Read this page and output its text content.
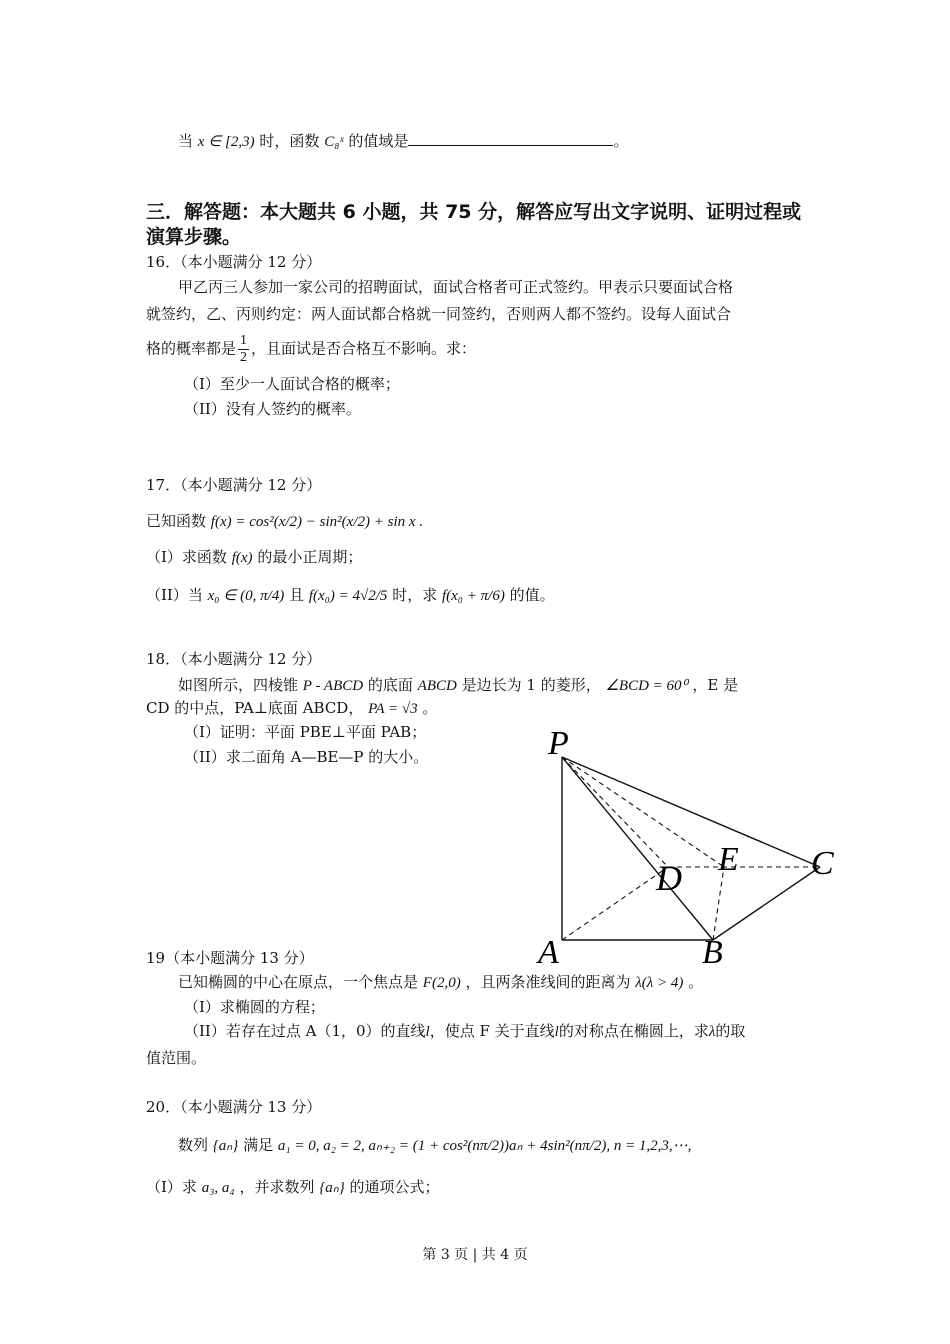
当 x ∈ [2,3) 时，函数 C₈ˣ 的值域是	。
三．解答题：本大题共 6 小题，共 75 分，解答应写出文字说明、证明过程或演算步骤。
16．（本小题满分 12 分）
甲乙丙三人参加一家公司的招聘面试，面试合格者可正式签约。甲表示只要面试合格
就签约，乙、丙则约定：两人面试都合格就一同签约，否则两人都不签约。设每人面试合
格的概率都是 $\frac{1}{2}$ ，且面试是否合格互不影响。求：
（I）至少一人面试合格的概率；
（II）没有人签约的概率。
17．（本小题满分 12 分）
已知函数 f(x) = cos²(x/2) − sin²(x/2) + sin x .
（I）求函数 f(x) 的最小正周期；
（II）当 x₀ ∈ (0, π/4) 且 f(x₀) = 4√2/5 时，求 f(x₀ + π/6) 的值。
18．（本小题满分 12 分）
如图所示，四棱锥 P - ABCD 的底面 ABCD 是边长为 1 的菱形， ∠BCD = 60⁰ ，E 是
CD 的中点，PA⊥底面 ABCD， PA = √3 。
（I）证明：平面 PBE⊥平面 PAB；
（II）求二面角 A—BE—P 的大小。	P
A	B
C
D E
19（本小题满分 13 分）
已知椭圆的中心在原点，一个焦点是 F(2,0) ，且两条准线间的距离为 λ(λ > 4) 。
（I）求椭圆的方程；
（II）若存在过点 A（1，0）的直线l，使点 F 关于直线l的对称点在椭圆上，求λ的取
值范围。
20．（本小题满分 13 分）
数列 {aₙ} 满足 a₁ = 0, a₂ = 2, aₙ₊₂ = (1 + cos²(nπ/2))aₙ + 4sin²(nπ/2), n = 1,2,3,⋯,
（I）求 a₃, a₄ ，并求数列 {aₙ} 的通项公式；
第 3 页 | 共 4 页
